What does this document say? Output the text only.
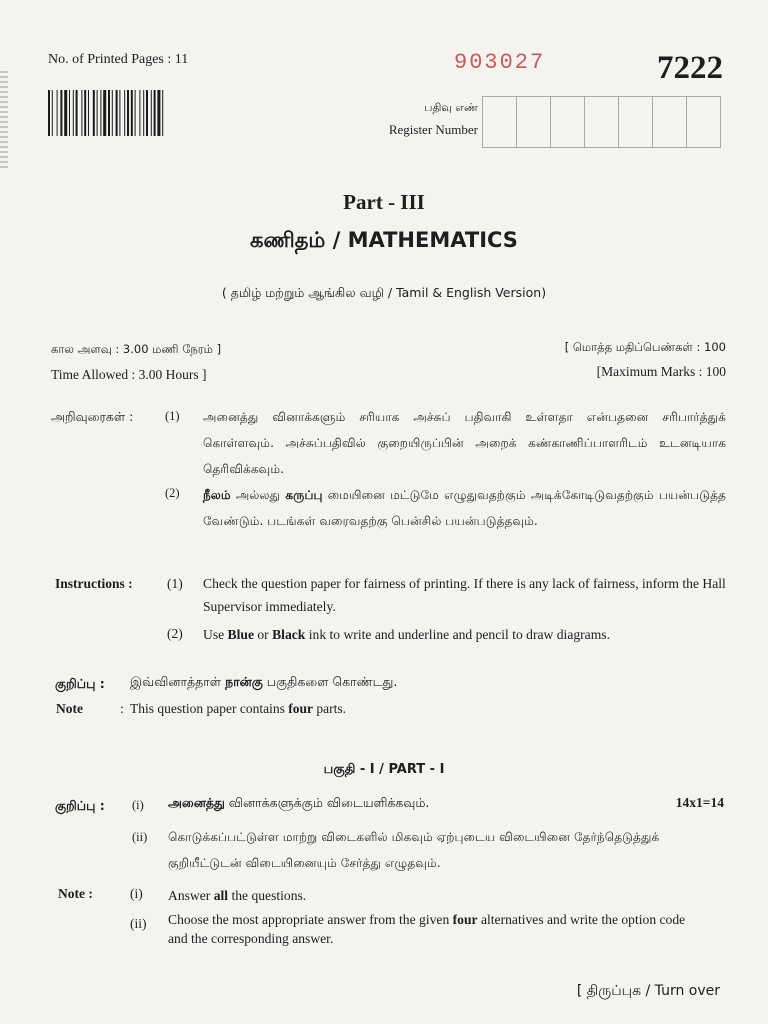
No. of Printed Pages : 11	903027	7222
பதிவு எண்
Register Number
Part - III
கணிதம் / MATHEMATICS
( தமிழ் மற்றும் ஆங்கில வழி / Tamil & English Version)
கால அளவு : 3.00 மணி நேரம் ]
Time Allowed : 3.00 Hours ]
[ மொத்த மதிப்பெண்கள் : 100
[Maximum Marks : 100
அறிவுரைகள் :	(1) அனைத்து வினாக்களும் சரியாக அச்சுப் பதிவாகி உள்ளதா என்பதனை சரிபார்த்துக் கொள்ளவும். அச்சுப்பதிவில் குறையிருப்பின் அறைக் கண்காணிப்பாளரிடம் உடனடியாக தெரிவிக்கவும்.
(2) நீலம் அல்லது கருப்பு மையினை மட்டுமே எழுதுவதற்கும் அடிக்கோடிடுவதற்கும் பயன்படுத்த வேண்டும். படங்கள் வரைவதற்கு பென்சில் பயன்படுத்தவும்.
Instructions :	(1) Check the question paper for fairness of printing. If there is any lack of fairness, inform the Hall Supervisor immediately.
(2) Use Blue or Black ink to write and underline and pencil to draw diagrams.
குறிப்பு : இவ்வினாத்தாள் நான்கு பகுதிகளை கொண்டது.
Note	: This question paper contains four parts.
பகுதி - I / PART - I
குறிப்பு : (i) அனைத்து வினாக்களுக்கும் விடையளிக்கவும்.	14x1=14
(ii) கொடுக்கப்பட்டுள்ள மாற்று விடைகளில் மிகவும் ஏற்புடைய விடையினை தேர்ந்தெடுத்துக் குறியீட்டுடன் விடையினையும் சேர்த்து எழுதவும்.
Note :	(i) Answer all the questions.
(ii) Choose the most appropriate answer from the given four alternatives and write the option code and the corresponding answer.
[ திருப்புக / Turn over
